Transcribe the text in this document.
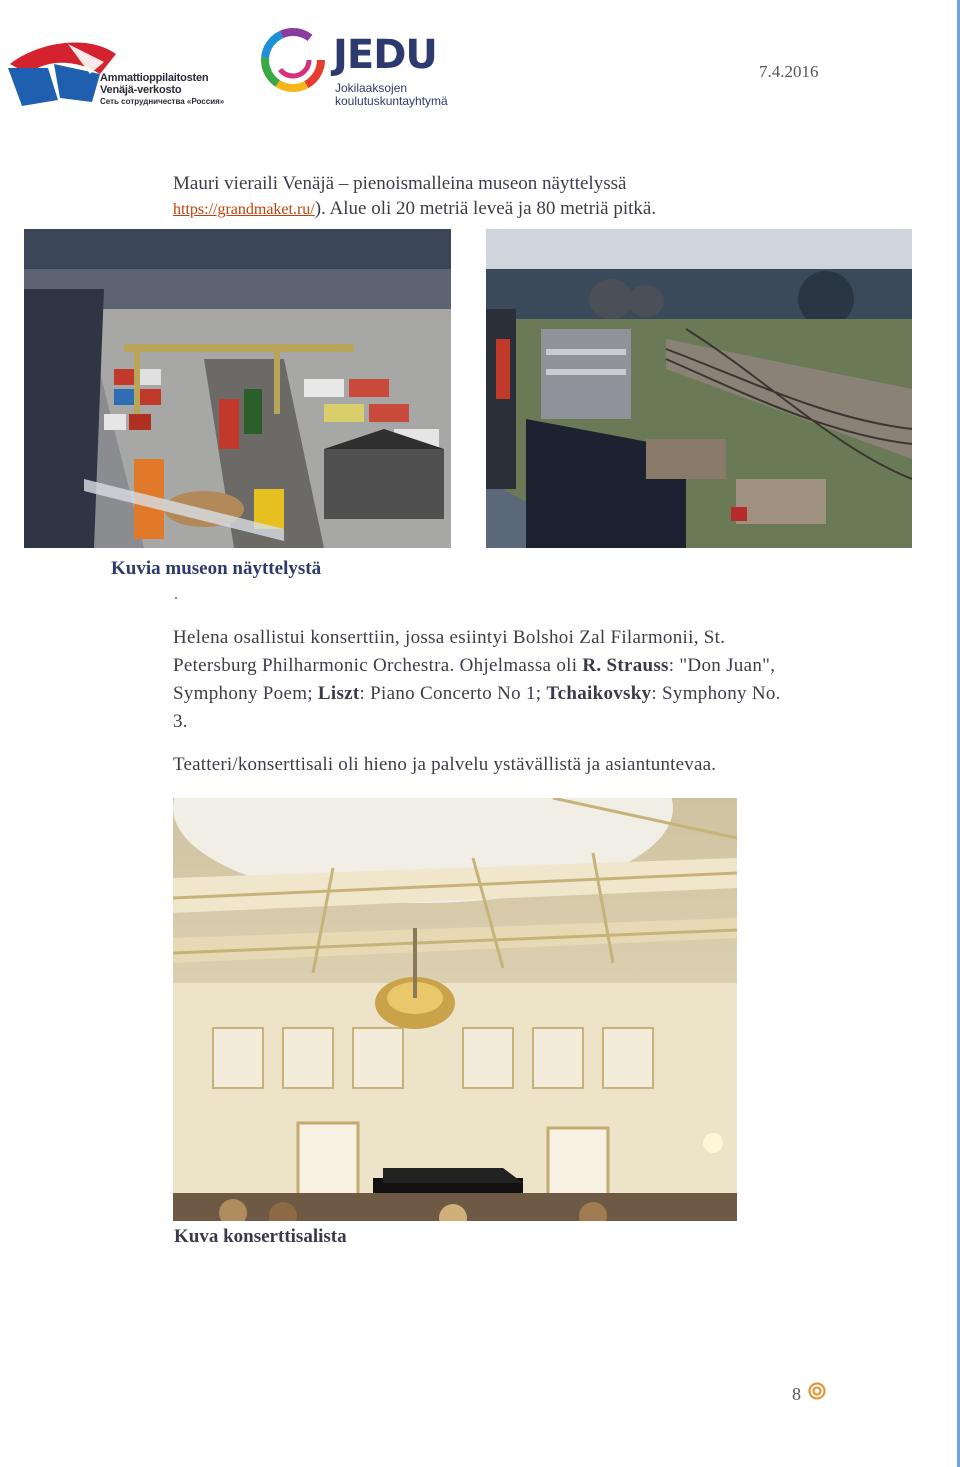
Ammattioppilaitosten
Venäjä-verkosto
Сеть сотрудничества «Россия»
JEDU
Jokilaaksojen
koulutuskuntayhtymä
7.4.2016
Mauri vieraili Venäjä – pienoismalleina museon näyttelyssä
https://grandmaket.ru/). Alue oli 20 metriä leveä ja 80 metriä pitkä.
Kuvia museon näyttelystä
.
Helena osallistui konserttiin, jossa esiintyi Bolshoi Zal Filarmonii, St. Petersburg Philharmonic Orchestra. Ohjelmassa oli R. Strauss: "Don Juan", Symphony Poem; Liszt: Piano Concerto No 1; Tchaikovsky: Symphony No. 3.
Teatteri/konserttisali oli hieno ja palvelu ystävällistä ja asiantuntevaa.
Kuva konserttisalista
8
